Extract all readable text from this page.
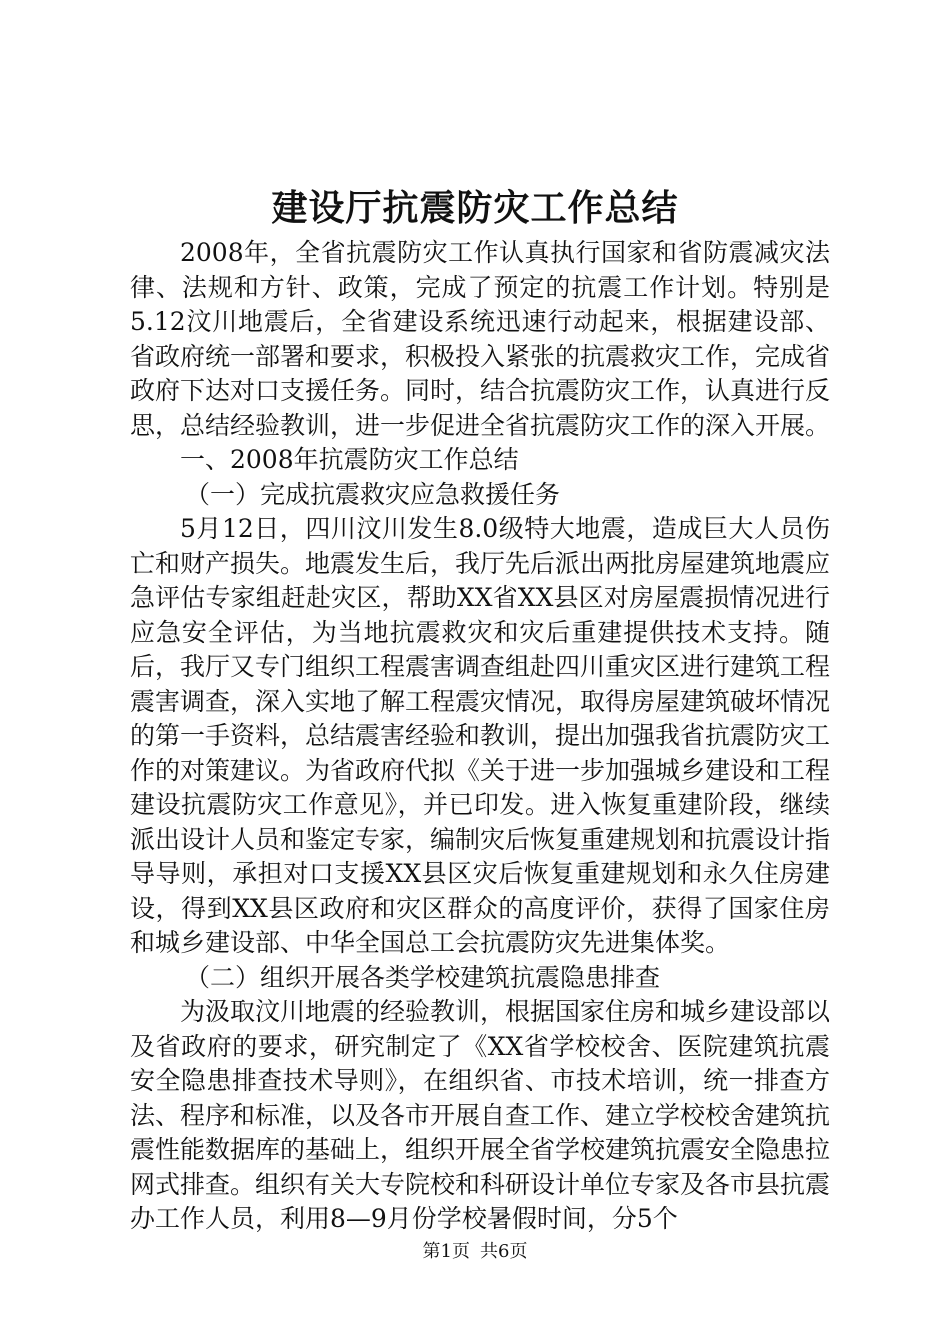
建设厅抗震防灾工作总结

2008年，全省抗震防灾工作认真执行国家和省防震减灾法律、法规和方针、政策，完成了预定的抗震工作计划。特别是5.12汶川地震后，全省建设系统迅速行动起来，根据建设部、省政府统一部署和要求，积极投入紧张的抗震救灾工作，完成省政府下达对口支援任务。同时，结合抗震防灾工作，认真进行反思，总结经验教训，进一步促进全省抗震防灾工作的深入开展。

一、2008年抗震防灾工作总结

（一）完成抗震救灾应急救援任务

5月12日，四川汶川发生8.0级特大地震，造成巨大人员伤亡和财产损失。地震发生后，我厅先后派出两批房屋建筑地震应急评估专家组赶赴灾区，帮助XX省XX县区对房屋震损情况进行应急安全评估，为当地抗震救灾和灾后重建提供技术支持。随后，我厅又专门组织工程震害调查组赴四川重灾区进行建筑工程震害调查，深入实地了解工程震灾情况，取得房屋建筑破坏情况的第一手资料，总结震害经验和教训，提出加强我省抗震防灾工作的对策建议。为省政府代拟《关于进一步加强城乡建设和工程建设抗震防灾工作意见》，并已印发。进入恢复重建阶段，继续派出设计人员和鉴定专家，编制灾后恢复重建规划和抗震设计指导导则，承担对口支援XX县区灾后恢复重建规划和永久住房建设，得到XX县区政府和灾区群众的高度评价，获得了国家住房和城乡建设部、中华全国总工会抗震防灾先进集体奖。

（二）组织开展各类学校建筑抗震隐患排查

为汲取汶川地震的经验教训，根据国家住房和城乡建设部以及省政府的要求，研究制定了《XX省学校校舍、医院建筑抗震安全隐患排查技术导则》，在组织省、市技术培训，统一排查方法、程序和标准，以及各市开展自查工作、建立学校校舍建筑抗震性能数据库的基础上，组织开展全省学校建筑抗震安全隐患拉网式排查。组织有关大专院校和科研设计单位专家及各市县抗震办工作人员，利用8—9月份学校暑假时间，分5个

第1页 共6页
